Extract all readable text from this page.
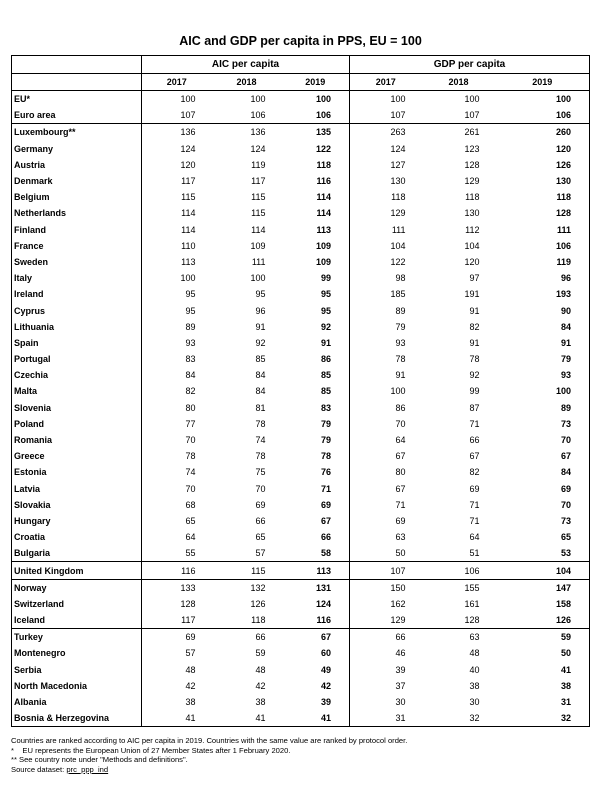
AIC and GDP per capita in PPS, EU = 100
	AIC per capita			GDP per capita		
	2017	2018	2019	2017	2018	2019
EU*	100	100	100	100	100	100
Euro area	107	106	106	107	107	106
Luxembourg**	136	136	135	263	261	260
Germany	124	124	122	124	123	120
Austria	120	119	118	127	128	126
Denmark	117	117	116	130	129	130
Belgium	115	115	114	118	118	118
Netherlands	114	115	114	129	130	128
Finland	114	114	113	111	112	111
France	110	109	109	104	104	106
Sweden	113	111	109	122	120	119
Italy	100	100	99	98	97	96
Ireland	95	95	95	185	191	193
Cyprus	95	96	95	89	91	90
Lithuania	89	91	92	79	82	84
Spain	93	92	91	93	91	91
Portugal	83	85	86	78	78	79
Czechia	84	84	85	91	92	93
Malta	82	84	85	100	99	100
Slovenia	80	81	83	86	87	89
Poland	77	78	79	70	71	73
Romania	70	74	79	64	66	70
Greece	78	78	78	67	67	67
Estonia	74	75	76	80	82	84
Latvia	70	70	71	67	69	69
Slovakia	68	69	69	71	71	70
Hungary	65	66	67	69	71	73
Croatia	64	65	66	63	64	65
Bulgaria	55	57	58	50	51	53
United Kingdom	116	115	113	107	106	104
Norway	133	132	131	150	155	147
Switzerland	128	126	124	162	161	158
Iceland	117	118	116	129	128	126
Turkey	69	66	67	66	63	59
Montenegro	57	59	60	46	48	50
Serbia	48	48	49	39	40	41
North Macedonia	42	42	42	37	38	38
Albania	38	38	39	30	30	31
Bosnia & Herzegovina	41	41	41	31	32	32
Countries are ranked according to AIC per capita in 2019. Countries with the same value are ranked by protocol order.
* EU represents the European Union of 27 Member States after 1 February 2020.
** See country note under "Methods and definitions".
Source dataset: prc_ppp_ind
